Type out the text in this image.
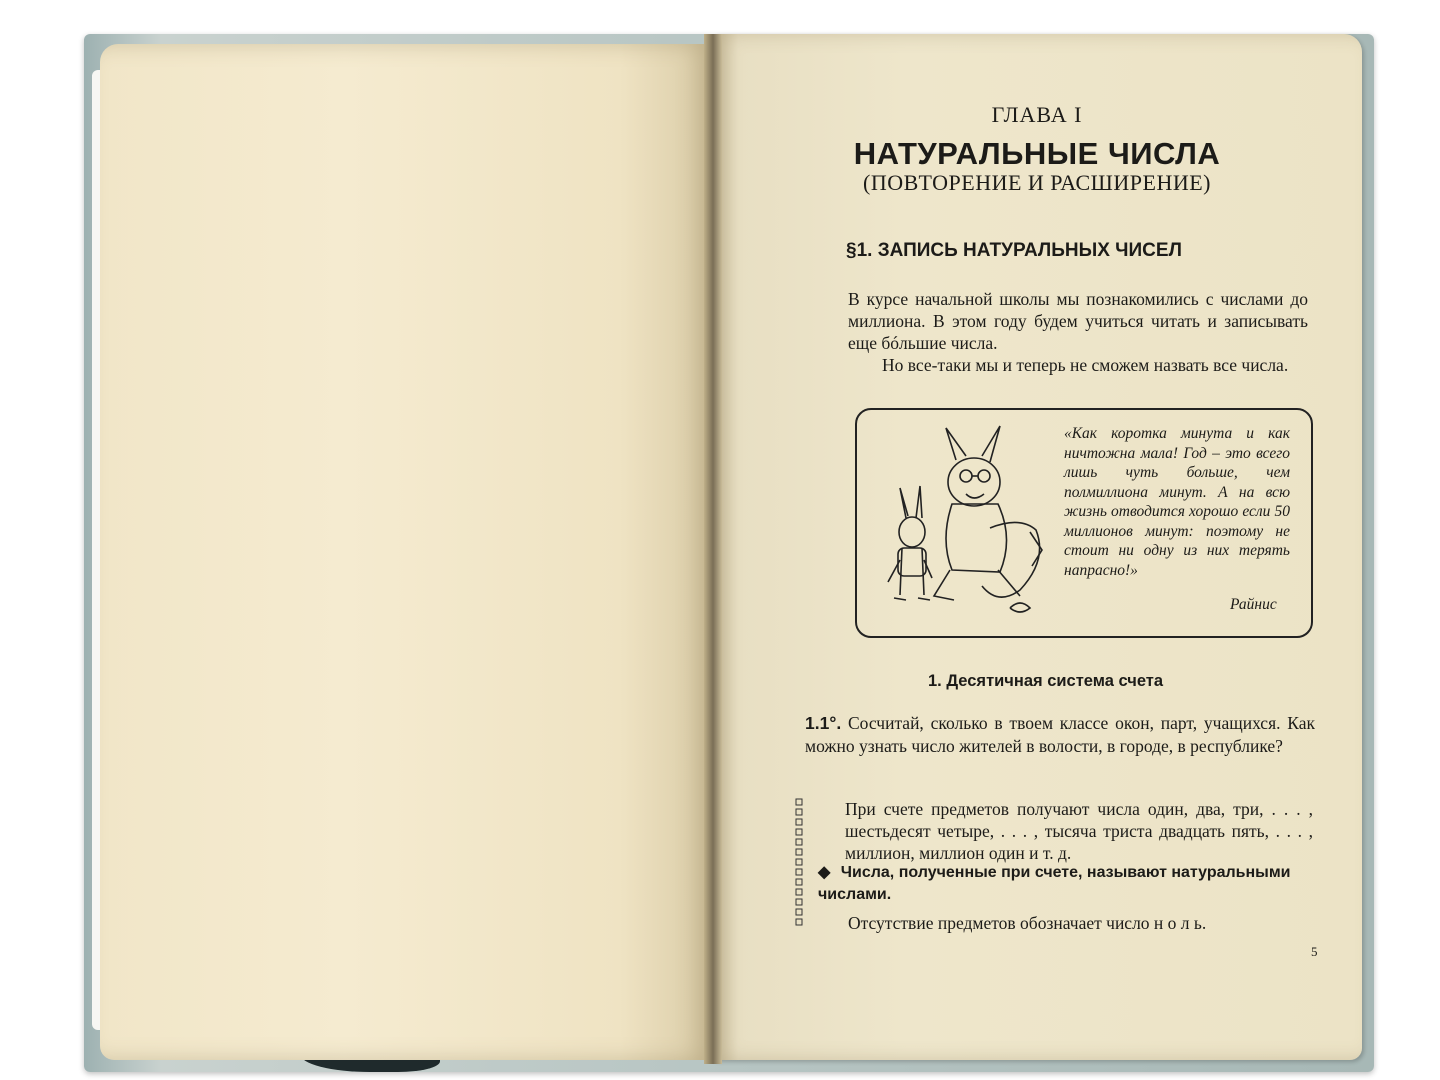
ГЛАВА I
НАТУРАЛЬНЫЕ ЧИСЛА
(ПОВТОРЕНИЕ И РАСШИРЕНИЕ)
§1. ЗАПИСЬ НАТУРАЛЬНЫХ ЧИСЕЛ
В курсе начальной школы мы познакомились с числами до миллиона. В этом году будем учиться читать и записывать еще бóльшие числа.
Но все-таки мы и теперь не сможем назвать все числа.
«Как коротка минута и как ничтожна мала! Год – это всего лишь чуть больше, чем полмиллиона минут. А на всю жизнь отводится хорошо если 50 миллионов минут: поэтому не стоит ни одну из них терять напрасно!»
Райнис
1. Десятичная система счета
1.1°. Сосчитай, сколько в твоем классе окон, парт, учащихся. Как можно узнать число жителей в волости, в городе, в республике?
При счете предметов получают числа один, два, три, . . . , шестьдесят четыре, . . . , тысяча триста двадцать пять, . . . , миллион, миллион один и т. д.
◆ Числа, полученные при счете, называют натуральными числами.
Отсутствие предметов обозначает число н о л ь.
5
